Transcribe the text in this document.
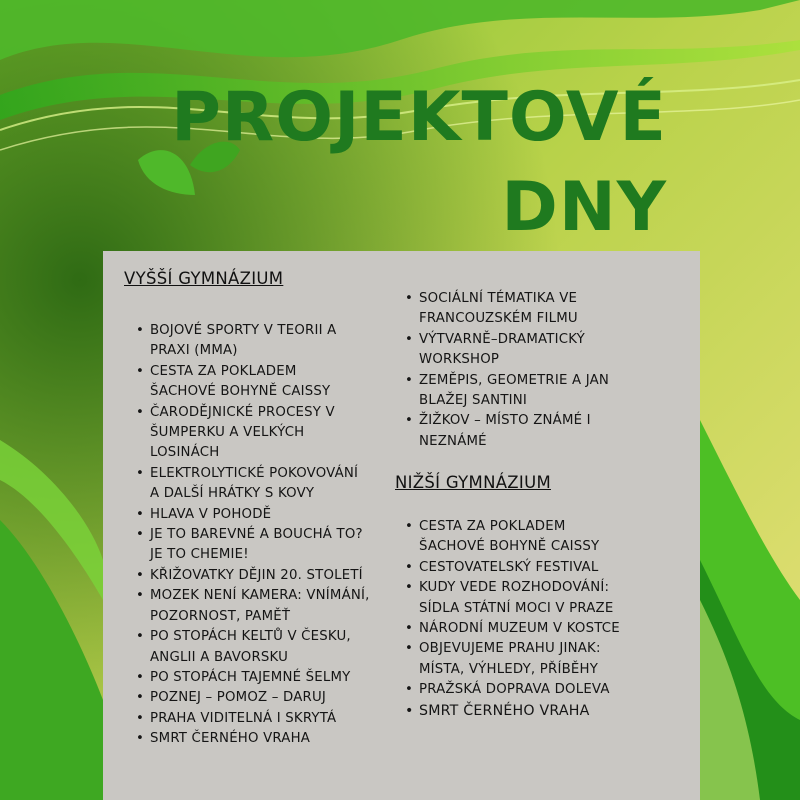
PROJEKTOVÉ
DNY
VYŠŠÍ GYMNÁZIUM
• BOJOVÉ SPORTY V TEORII A
PRAXI (MMA)
• CESTA ZA POKLADEM
ŠACHOVÉ BOHYNĚ CAISSY
• ČARODĚJNICKÉ PROCESY V
ŠUMPERKU A VELKÝCH
LOSINÁCH
• ELEKTROLYTICKÉ POKOVOVÁNÍ
A DALŠÍ HRÁTKY S KOVY
• HLAVA V POHODĚ
• JE TO BAREVNÉ A BOUCHÁ TO?
JE TO CHEMIE!
• KŘIŽOVATKY DĚJIN 20. STOLETÍ
• MOZEK NENÍ KAMERA: VNÍMÁNÍ,
POZORNOST, PAMĚŤ
• PO STOPÁCH KELTŮ V ČESKU,
ANGLII A BAVORSKU
• PO STOPÁCH TAJEMNÉ ŠELMY
• POZNEJ – POMOZ – DARUJ
• PRAHA VIDITELNÁ I SKRYTÁ
• SMRT ČERNÉHO VRAHA
• SOCIÁLNÍ TÉMATIKA VE
FRANCOUZSKÉM FILMU
• VÝTVARNĚ–DRAMATICKÝ
WORKSHOP
• ZEMĚPIS, GEOMETRIE A JAN
BLAŽEJ SANTINI
• ŽIŽKOV – MÍSTO ZNÁMÉ I
NEZNÁMÉ
NIŽŠÍ GYMNÁZIUM
• CESTA ZA POKLADEM
ŠACHOVÉ BOHYNĚ CAISSY
• CESTOVATELSKÝ FESTIVAL
• KUDY VEDE ROZHODOVÁNÍ:
SÍDLA STÁTNÍ MOCI V PRAZE
• NÁRODNÍ MUZEUM V KOSTCE
• OBJEVUJEME PRAHU JINAK:
MÍSTA, VÝHLEDY, PŘÍBĚHY
• PRAŽSKÁ DOPRAVA DOLEVA
• SMRT ČERNÉHO VRAHA
